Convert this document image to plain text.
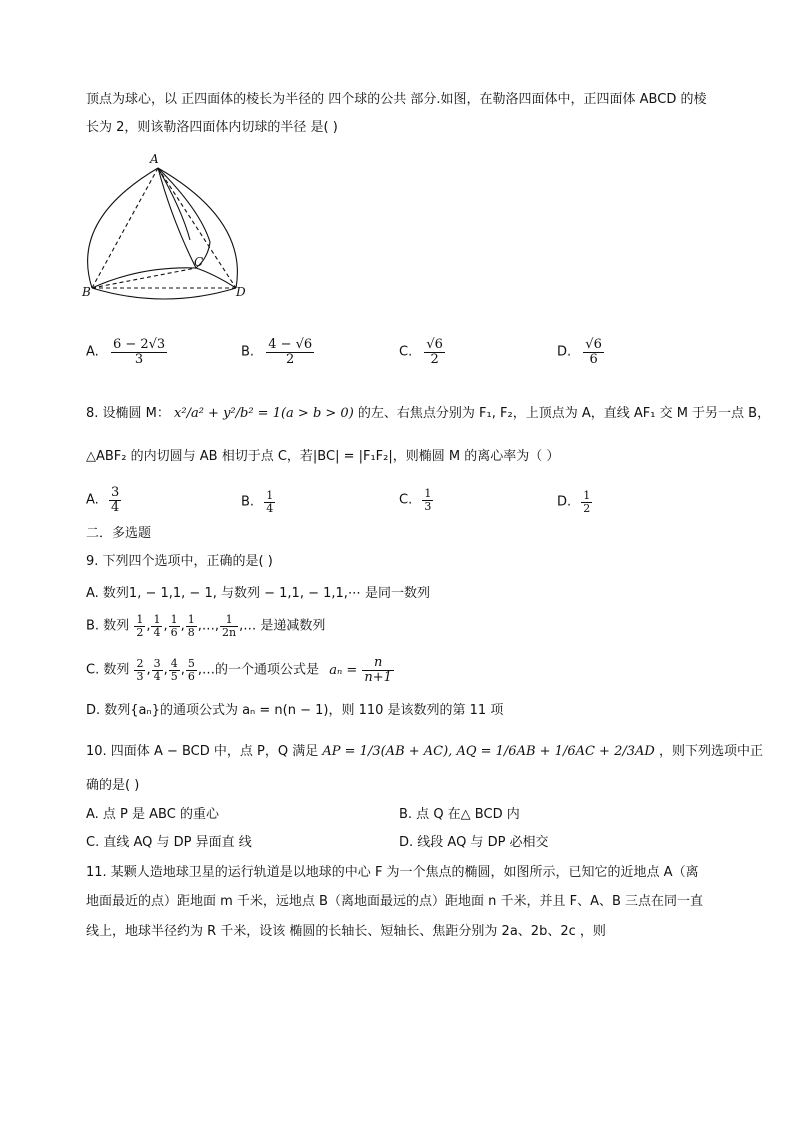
顶点为球心，以 正四面体的棱长为半径的 四个球的公共 部分.如图，在勒洛四面体中，正四面体 ABCD 的棱
长为 2，则该勒洛四面体内切球的半径 是( )
A
C
B	D
A. $\frac{6 - 2√3}{3}$	B. $\frac{4 - √6}{2}$	C. $\frac{√6}{2}$	D. $\frac{√6}{6}$
8. 设椭圆 M： x²/a² + y²/b² = 1(a > b > 0) 的左、右焦点分别为 F₁, F₂，上顶点为 A，直线 AF₁ 交 M 于另一点 B，
△ABF₂ 的内切圆与 AB 相切于点 C，若|BC| = |F₁F₂|，则椭圆 M 的离心率为（ ）
A. $\frac{3}{4}$	B. $\frac{1}{4}$	C. $\frac{1}{3}$	D. $\frac{1}{2}$
二．多选题
9. 下列四个选项中，正确的是( )
A. 数列1, − 1,1, − 1, 与数列 − 1,1, − 1,1,⋯ 是同一数列
B. 数列 $\frac{1}{2}$ , $\frac{1}{4}$ , $\frac{1}{6}$ , $\frac{1}{8}$ ,…, $\frac{1}{2n}$ ,… 是递减数列
C. 数列 $\frac{2}{3}$ , $\frac{3}{4}$ , $\frac{4}{5}$ , $\frac{5}{6}$ ,…的一个通项公式是 $a_n = \frac{n}{n+1}$
D. 数列{aₙ}的通项公式为 aₙ = n(n − 1)，则 110 是该数列的第 11 项
10. 四面体 A − BCD 中，点 P，Q 满足 AP = 1/3(AB + AC), AQ = 1/6AB + 1/6AC + 2/3AD ，则下列选项中正
确的是( )
A. 点 P 是 ABC 的重心	B. 点 Q 在△ BCD 内
C. 直线 AQ 与 DP 异面直 线	D. 线段 AQ 与 DP 必相交
11. 某颗人造地球卫星的运行轨道是以地球的中心 F 为一个焦点的椭圆，如图所示，已知它的近地点 A（离
地面最近的点）距地面 m 千米，远地点 B（离地面最远的点）距地面 n 千米，并且 F、A、B 三点在同一直
线上，地球半径约为 R 千米，设该 椭圆的长轴长、短轴长、焦距分别为 2a、2b、2c ，则
